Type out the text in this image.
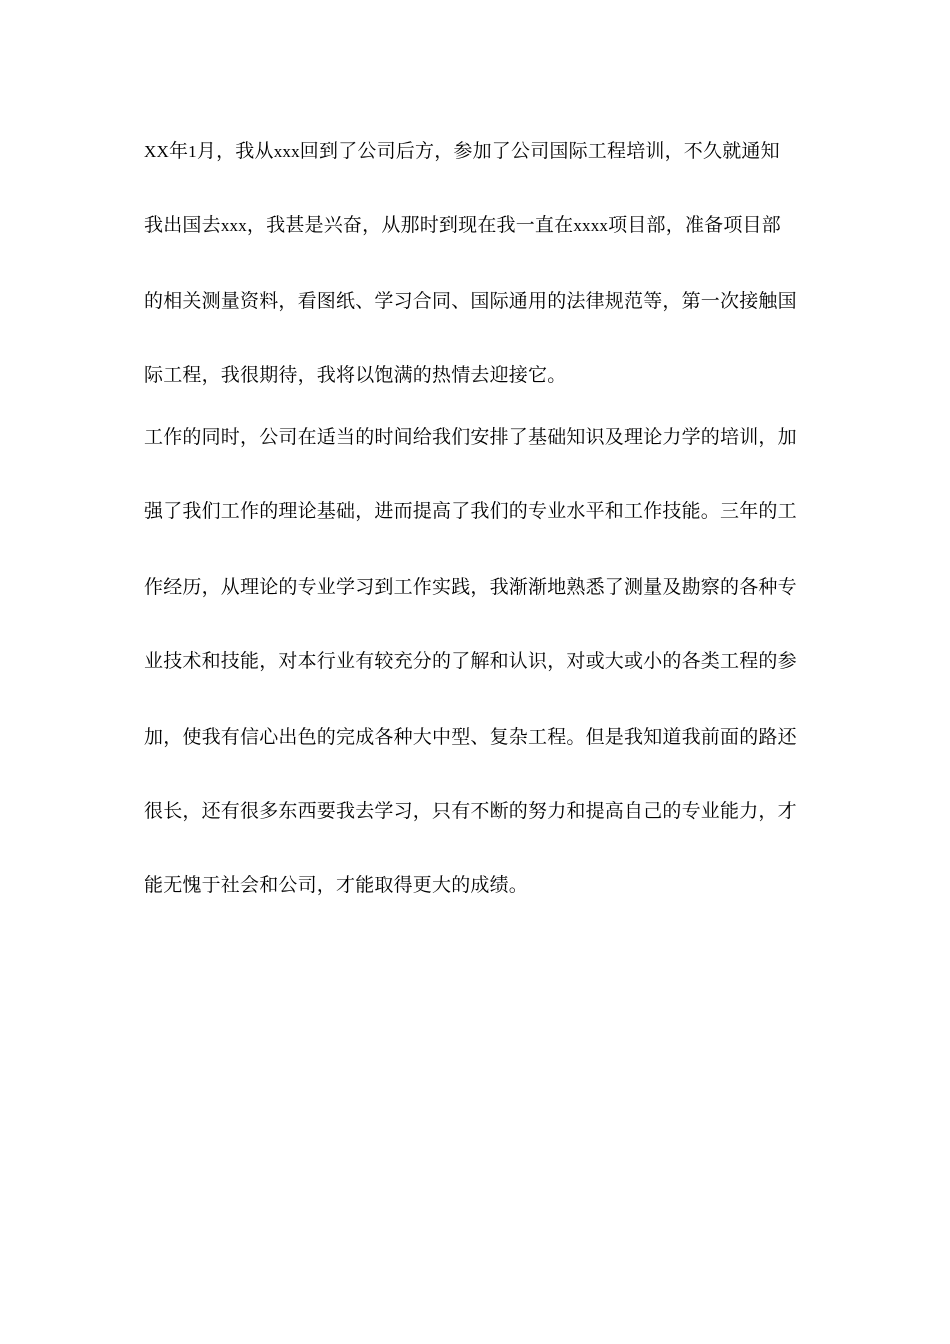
XX年1月，我从xxx回到了公司后方，参加了公司国际工程培训，不久就通知
我出国去xxx，我甚是兴奋，从那时到现在我一直在xxxx项目部，准备项目部
的相关测量资料，看图纸、学习合同、国际通用的法律规范等，第一次接触国
际工程，我很期待，我将以饱满的热情去迎接它。
工作的同时，公司在适当的时间给我们安排了基础知识及理论力学的培训，加
强了我们工作的理论基础，进而提高了我们的专业水平和工作技能。三年的工
作经历，从理论的专业学习到工作实践，我渐渐地熟悉了测量及勘察的各种专
业技术和技能，对本行业有较充分的了解和认识，对或大或小的各类工程的参
加，使我有信心出色的完成各种大中型、复杂工程。但是我知道我前面的路还
很长，还有很多东西要我去学习，只有不断的努力和提高自己的专业能力，才
能无愧于社会和公司，才能取得更大的成绩。
